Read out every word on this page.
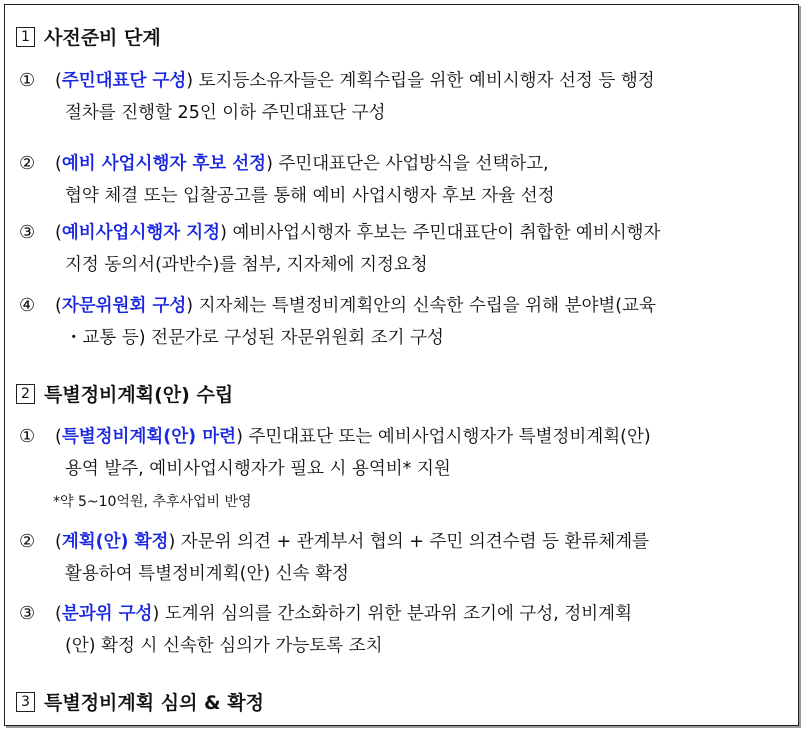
1 사전준비 단계
①	(주민대표단 구성) 토지등소유자들은 계획수립을 위한 예비시행자 선정 등 행정
절차를 진행할 25인 이하 주민대표단 구성
②	(예비 사업시행자 후보 선정) 주민대표단은 사업방식을 선택하고,
협약 체결 또는 입찰공고를 통해 예비 사업시행자 후보 자율 선정
③	(예비사업시행자 지정) 예비사업시행자 후보는 주민대표단이 취합한 예비시행자
지정 동의서(과반수)를 첨부, 지자체에 지정요청
④	(자문위원회 구성) 지자체는 특별정비계획안의 신속한 수립을 위해 분야별(교육
・교통 등) 전문가로 구성된 자문위원회 조기 구성
2 특별정비계획(안) 수립
①	(특별정비계획(안) 마련) 주민대표단 또는 예비사업시행자가 특별정비계획(안)
용역 발주, 예비사업시행자가 필요 시 용역비* 지원
*약 5~10억원, 추후사업비 반영
②	(계획(안) 확정) 자문위 의견 + 관계부서 협의 + 주민 의견수렴 등 환류체계를
활용하여 특별정비계획(안) 신속 확정
③	(분과위 구성) 도계위 심의를 간소화하기 위한 분과위 조기에 구성, 정비계획
(안) 확정 시 신속한 심의가 가능토록 조치
3 특별정비계획 심의 & 확정
